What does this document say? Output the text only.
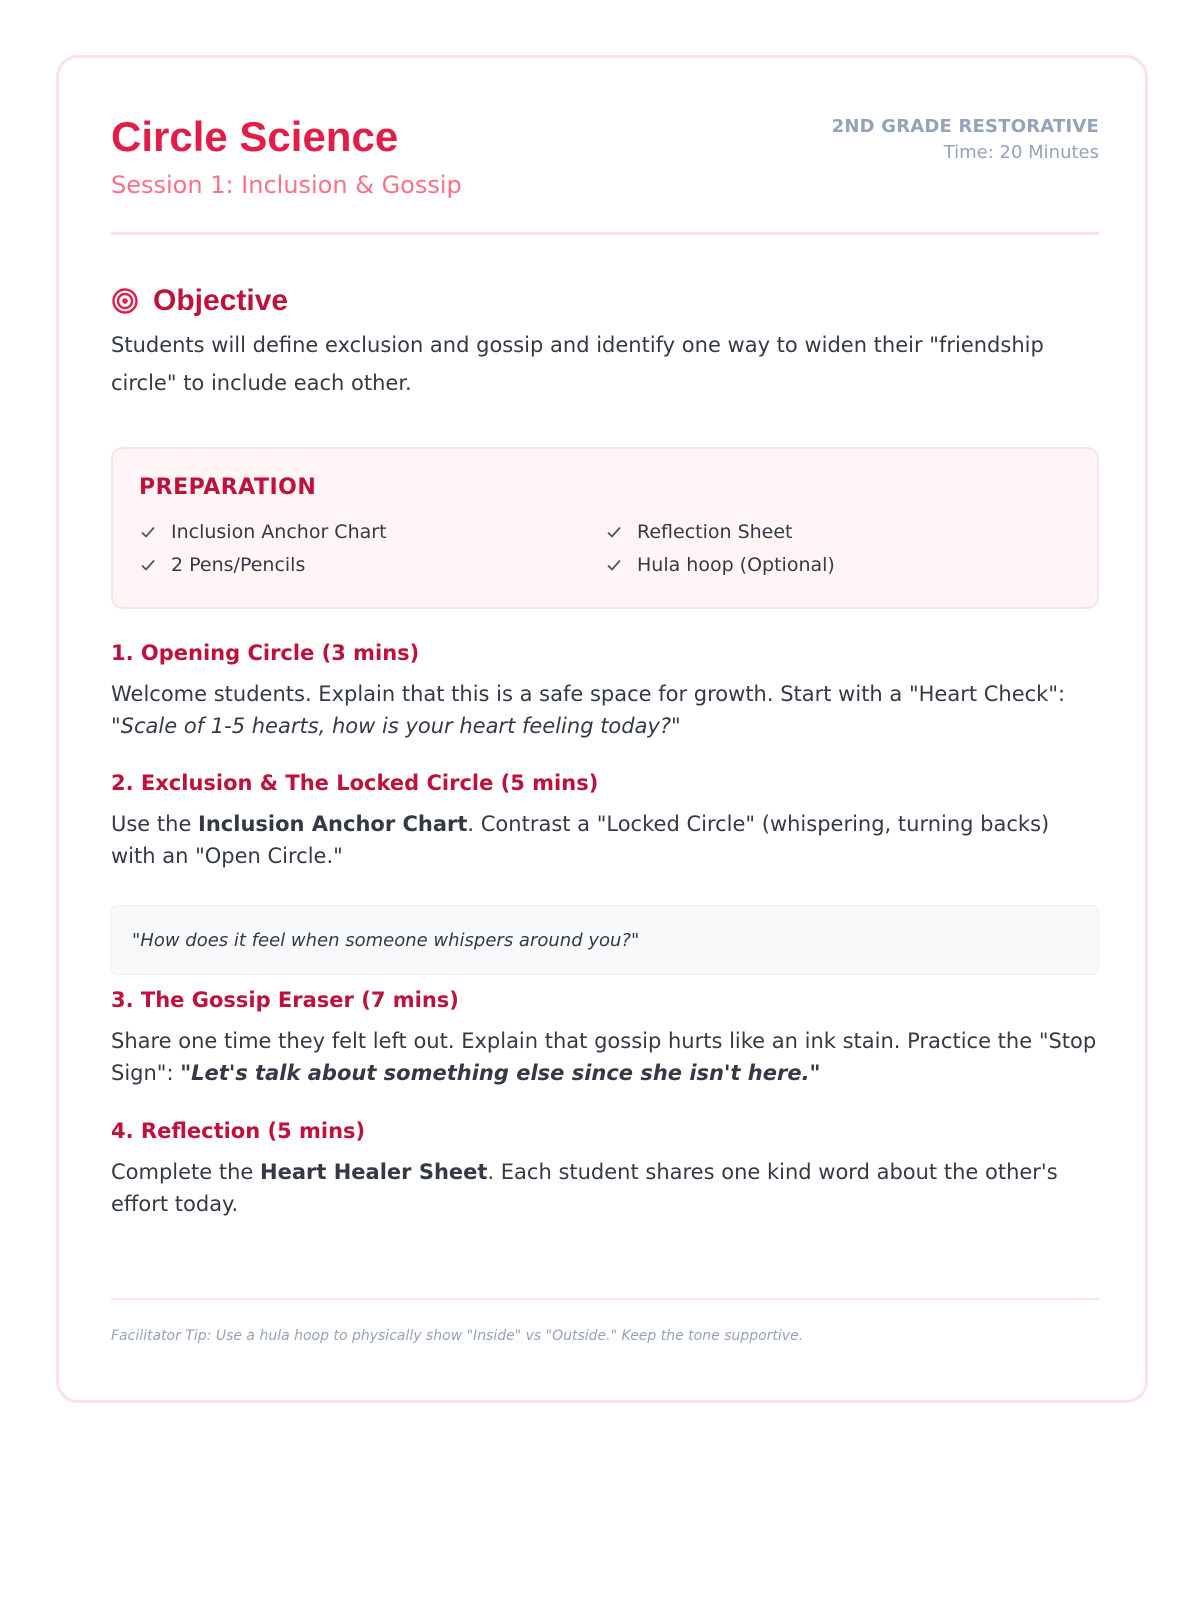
Circle Science
Session 1: Inclusion & Gossip
2ND GRADE RESTORATIVE
Time: 20 Minutes
Objective

Students will define exclusion and gossip and identify one way to widen their "friendship circle" to include each other.

PREPARATION
Inclusion Anchor Chart	Reflection Sheet
2 Pens/Pencils	Hula hoop (Optional)
1. Opening Circle (3 mins)

Welcome students. Explain that this is a safe space for growth. Start with a "Heart Check":
"Scale of 1-5 hearts, how is your heart feeling today?"

2. Exclusion & The Locked Circle (5 mins)

Use the Inclusion Anchor Chart. Contrast a "Locked Circle" (whispering, turning backs) with an "Open Circle."

"How does it feel when someone whispers around you?"
3. The Gossip Eraser (7 mins)

Share one time they felt left out. Explain that gossip hurts like an ink stain. Practice the "Stop Sign": "Let's talk about something else since she isn't here."

4. Reflection (5 mins)

Complete the Heart Healer Sheet. Each student shares one kind word about the other's effort today.

Facilitator Tip: Use a hula hoop to physically show "Inside" vs "Outside." Keep the tone supportive.
